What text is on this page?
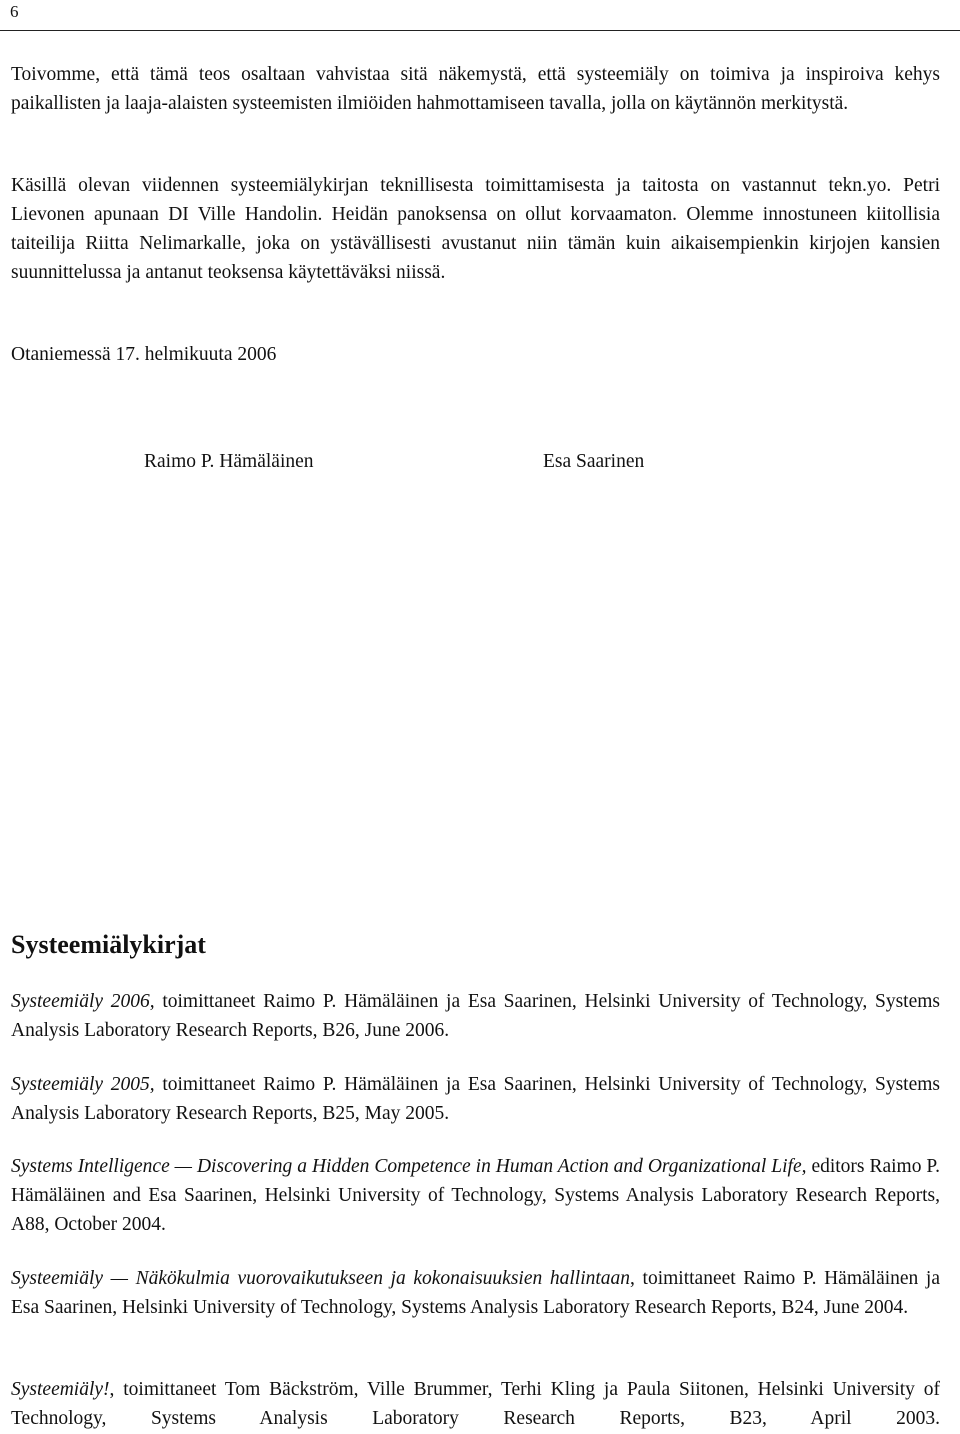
6

Toivomme, että tämä teos osaltaan vahvistaa sitä näkemystä, että systeemiäly on toimiva ja inspiroiva kehys paikallisten ja laaja-alaisten systeemisten ilmiöiden hahmottamiseen tavalla, jolla on käytännön merkitystä.

Käsillä olevan viidennen systeemiälykirjan teknillisesta toimittamisesta ja taitosta on vastannut tekn.yo. Petri Lievonen apunaan DI Ville Handolin. Heidän panoksensa on ollut korvaamaton. Olemme innostuneen kiitollisia taiteilija Riitta Nelimarkalle, joka on ystävällisesti avustanut niin tämän kuin aikaisempienkin kirjojen kansien suunnittelussa ja antanut teoksensa käytettäväksi niissä.

Otaniemessä 17. helmikuuta 2006

Raimo P. Hämäläinen	Esa Saarinen
Systeemiälykirjat

Systeemiäly 2006, toimittaneet Raimo P. Hämäläinen ja Esa Saarinen, Helsinki University of Technology, Systems Analysis Laboratory Research Reports, B26, June 2006.

Systeemiäly 2005, toimittaneet Raimo P. Hämäläinen ja Esa Saarinen, Helsinki University of Technology, Systems Analysis Laboratory Research Reports, B25, May 2005.

Systems Intelligence — Discovering a Hidden Competence in Human Action and Organizational Life, editors Raimo P. Hämäläinen and Esa Saarinen, Helsinki University of Technology, Systems Analysis Laboratory Research Reports, A88, October 2004.

Systeemiäly — Näkökulmia vuorovaikutukseen ja kokonaisuuksien hallintaan, toimittaneet Raimo P. Hämäläinen ja Esa Saarinen, Helsinki University of Technology, Systems Analysis Laboratory Research Reports, B24, June 2004.

Systeemiäly!, toimittaneet Tom Bäckström, Ville Brummer, Terhi Kling ja Paula Siitonen, Helsinki University of Technology, Systems Analysis Laboratory Research Reports, B23, April 2003.
